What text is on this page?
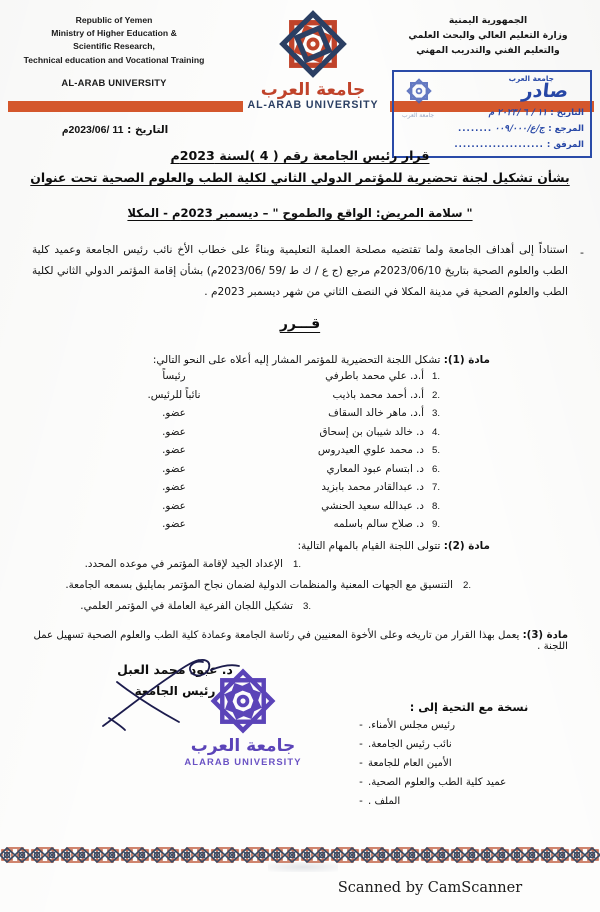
Republic of Yemen
Ministry of Higher Education &
Scientific Research,
Technical education and Vocational Training
AL-ARAB UNIVERSITY
الجمهورية اليمنية
وزارة التعليم العالي والبحث العلمي
والتعليم الفني والتدريب المهني
جامعة العرب
AL-ARAB UNIVERSITY
التاريخ : 11 /2023/06م
جامعة العرب
صادر
التاريخ :
١١ / ٦ /٢٠٢٣ م
المرجع :
ج/ع/٠٠٩/٠٠٠
........
المرفق :
.....................
جامعة العرب
قرار رئيس الجامعة رقم ( 4 )لسنة 2023م
بشأن تشكيل لجنة تحضيرية للمؤتمر الدولي الثاني لكلية الطب والعلوم الصحية تحت عنوان
" سلامة المريض: الواقع والطموح " – ديسمبر 2023م - المكلا
-
استناداً إلى أهداف الجامعة ولما تقتضيه مصلحة العملية التعليمية وبناءً على خطاب الأخ نائب رئيس الجامعة وعميد كلية الطب والعلوم الصحية بتاريخ 2023/06/10م مرجع (ج ع / ك ط /59 /2023/06م) بشأن إقامة المؤتمر الدولي الثاني لكلية الطب والعلوم الصحية في مدينة المكلا في النصف الثاني من شهر ديسمبر 2023م .
قـــرر
مادة (1): تشكل اللجنة التحضيرية للمؤتمر المشار إليه أعلاه على النحو التالي:
1.
أ.د. علي محمد باطرفي
رئيساً
2.
أ.د. أحمد محمد باذيب
نائباً للرئيس.
3.
أ.د. ماهر خالد السقاف
عضو.
4.
د. خالد شيبان بن إسحاق
عضو.
5.
د. محمد علوي العيدروس
عضو.
6.
د. ابتسام عبود المعاري
عضو.
7.
د. عبدالقادر محمد بابزيد
عضو.
8.
د. عبدالله سعيد الحنشي
عضو.
9.
د. صلاح سالم باسلمه
عضو.
مادة (2): تتولى اللجنة القيام بالمهام التالية:
1.
الإعداد الجيد لإقامة المؤتمر في موعده المحدد.
2.
التنسيق مع الجهات المعنية والمنظمات الدولية لضمان نجاح المؤتمر بمايليق بسمعه الجامعة.
3.
تشكيل اللجان الفرعية العاملة في المؤتمر العلمي.
مادة (3): يعمل بهذا القرار من تاريخه وعلى الأخوة المعنيين في رئاسة الجامعة وعمادة كلية الطب والعلوم الصحية تسهيل عمل اللجنة .
د. عبود محمد العبل
رئيس الجامعة
جامعة العرب
ALARAB UNIVERSITY
نسخة مع التحية إلى :
رئيس مجلس الأمناء.
-
نائب رئيس الجامعة.
-
الأمين العام للجامعة
-
عميد كلية الطب والعلوم الصحية.
-
الملف .
-
Scanned by CamScanner
